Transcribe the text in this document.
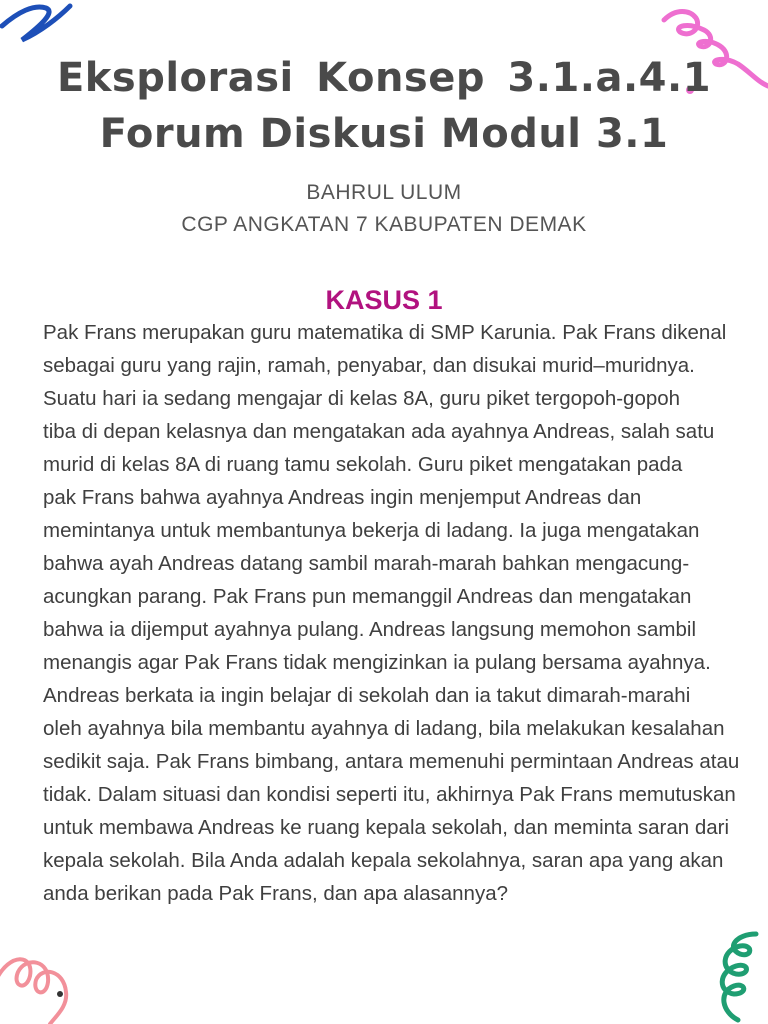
Eksplorasi Konsep 3.1.a.4.1
Forum Diskusi Modul 3.1
BAHRUL ULUM
CGP ANGKATAN 7 KABUPATEN DEMAK
KASUS 1
Pak Frans merupakan guru matematika di SMP Karunia. Pak Frans dikenal
sebagai guru yang rajin, ramah, penyabar, dan disukai murid–muridnya.
Suatu hari ia sedang mengajar di kelas 8A, guru piket tergopoh-gopoh
tiba di depan kelasnya dan mengatakan ada ayahnya Andreas, salah satu
murid di kelas 8A di ruang tamu sekolah. Guru piket mengatakan pada
pak Frans bahwa ayahnya Andreas ingin menjemput Andreas dan
memintanya untuk membantunya bekerja di ladang. Ia juga mengatakan
bahwa ayah Andreas datang sambil marah-marah bahkan mengacung-
acungkan parang. Pak Frans pun memanggil Andreas dan mengatakan
bahwa ia dijemput ayahnya pulang. Andreas langsung memohon sambil
menangis agar Pak Frans tidak mengizinkan ia pulang bersama ayahnya.
Andreas berkata ia ingin belajar di sekolah dan ia takut dimarah-marahi
oleh ayahnya bila membantu ayahnya di ladang, bila melakukan kesalahan
sedikit saja. Pak Frans bimbang, antara memenuhi permintaan Andreas atau
tidak. Dalam situasi dan kondisi seperti itu, akhirnya Pak Frans memutuskan
untuk membawa Andreas ke ruang kepala sekolah, dan meminta saran dari
kepala sekolah. Bila Anda adalah kepala sekolahnya, saran apa yang akan
anda berikan pada Pak Frans, dan apa alasannya?
